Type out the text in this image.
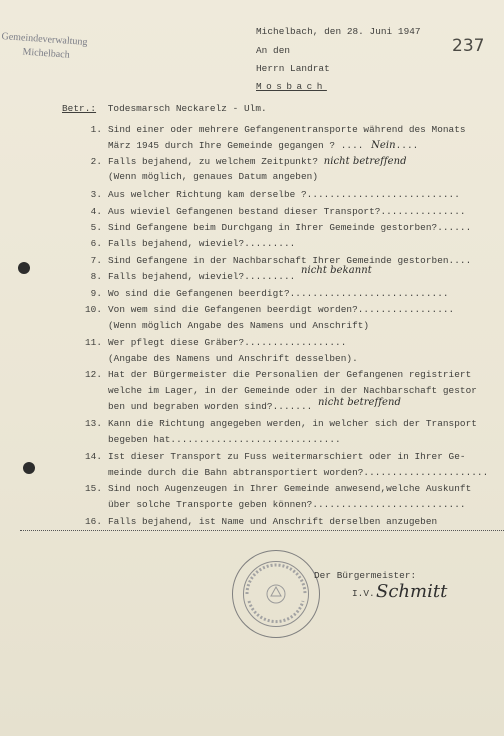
Gemeindeverwaltung
Michelbach	237
Michelbach, den 28. Juni 1947
An den
Herrn Landrat
Mosbach
Betr.: Todesmarsch Neckarelz - Ulm.
1. Sind einer oder mehrere Gefangenentransporte während des Monats
März 1945 durch Ihre Gemeinde gegangen ? .... Nein....
2. Falls bejahend, zu welchem Zeitpunkt? nicht betreffend
(Wenn möglich, genaues Datum angeben)
3. Aus welcher Richtung kam derselbe ?...........................
4. Aus wieviel Gefangenen bestand dieser Transport?...............
5. Sind Gefangene beim Durchgang in Ihrer Gemeinde gestorben?......
6. Falls bejahend, wieviel?.........
7. Sind Gefangene in der Nachbarschaft Ihrer Gemeinde gestorben....
8. Falls bejahend, wieviel?......... nicht bekannt
9. Wo sind die Gefangenen beerdigt?............................
10. Von wem sind die Gefangenen beerdigt worden?.................
(Wenn möglich Angabe des Namens und Anschrift)
11. Wer pflegt diese Gräber?..................
(Angabe des Namens und Anschrift desselben).
12. Hat der Bürgermeister die Personalien der Gefangenen registriert
welche im Lager, in der Gemeinde oder in der Nachbarschaft gestor
ben und begraben worden sind?....... nicht betreffend
13. Kann die Richtung angegeben werden, in welcher sich der Transport
begeben hat..............................
14. Ist dieser Transport zu Fuss weitermarschiert oder in Ihrer Ge-
meinde durch die Bahn abtransportiert worden?......................
15. Sind noch Augenzeugen in Ihrer Gemeinde anwesend,welche Auskunft
über solche Transporte geben können?...........................
16. Falls bejahend, ist Name und Anschrift derselben anzugeben
Der Bürgermeister:
I.V. Schmitt
